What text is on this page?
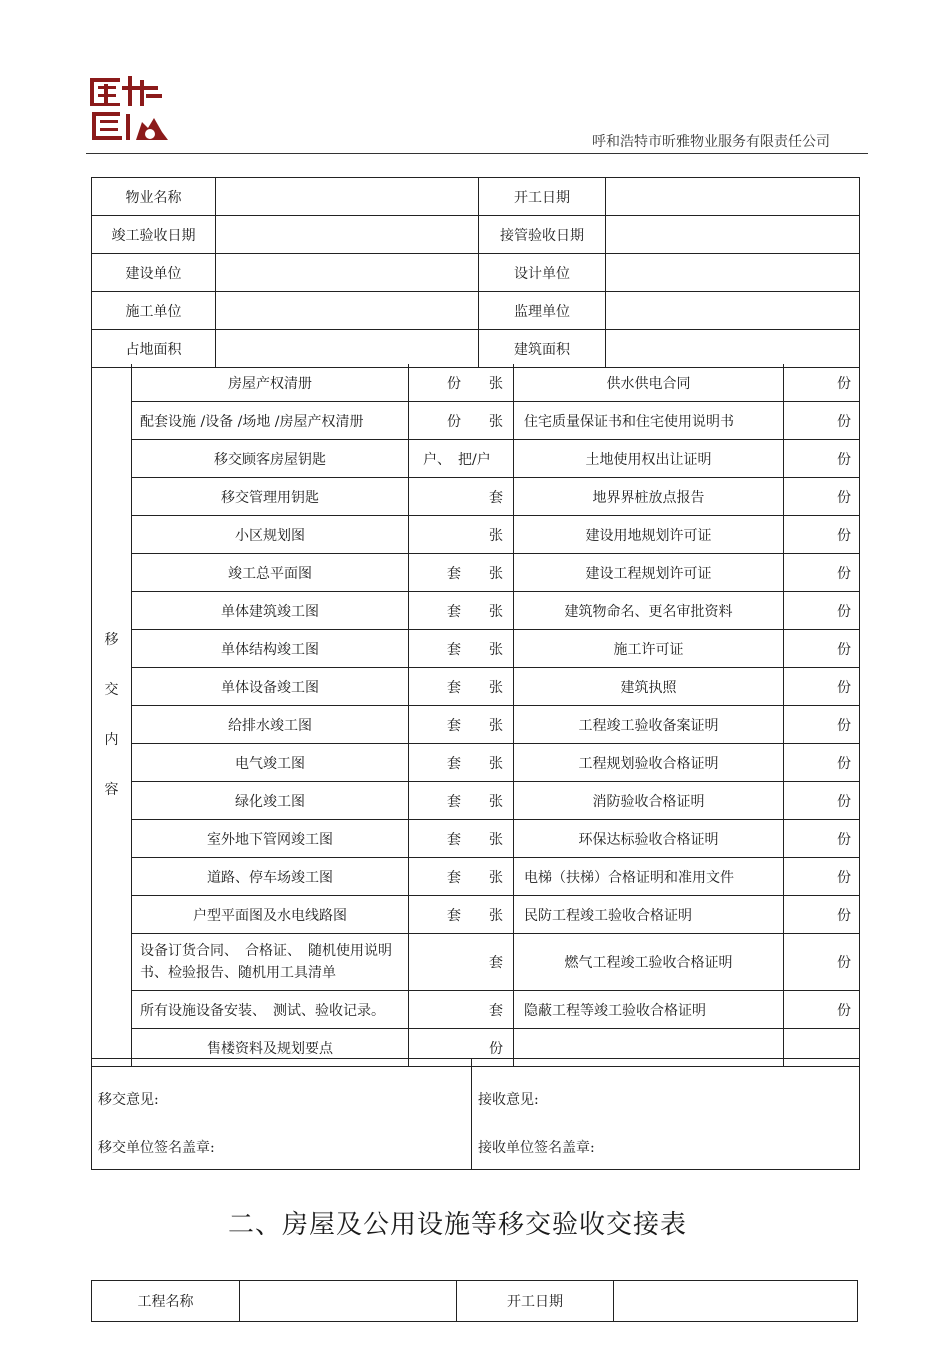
呼和浩特市昕雅物业服务有限责任公司
物业名称		开工日期	
竣工验收日期		接管验收日期	
建设单位		设计单位	
施工单位		监理单位	
占地面积		建筑面积	
移
交
内
容	房屋产权清册	份 张	供水供电合同	份
	配套设施 /设备 /场地 /房屋产权清册	份 张	住宅质量保证书和住宅使用说明书	份
	移交顾客房屋钥匙	户、　把/户	土地使用权出让证明	份
	移交管理用钥匙	套	地界界桩放点报告	份
	小区规划图	张	建设用地规划许可证	份
	竣工总平面图	套 张	建设工程规划许可证	份
	单体建筑竣工图	套 张	建筑物命名、更名审批资料	份
	单体结构竣工图	套 张	施工许可证	份
	单体设备竣工图	套 张	建筑执照	份
	给排水竣工图	套 张	工程竣工验收备案证明	份
	电气竣工图	套 张	工程规划验收合格证明	份
	绿化竣工图	套 张	消防验收合格证明	份
	室外地下管网竣工图	套 张	环保达标验收合格证明	份
	道路、停车场竣工图	套 张	电梯（扶梯）合格证明和准用文件	份
	户型平面图及水电线路图	套 张	民防工程竣工验收合格证明	份
	设备订货合同、　合格证、　随机使用说明书、检验报告、随机用工具清单	套	燃气工程竣工验收合格证明	份
	所有设施设备安装、　测试、验收记录。	套	隐蔽工程等竣工验收合格证明	份
	售楼资料及规划要点	份		

移交意见:
移交单位签名盖章:

接收意见:
接收单位签名盖章:
二、房屋及公用设施等移交验收交接表
工程名称		开工日期	
